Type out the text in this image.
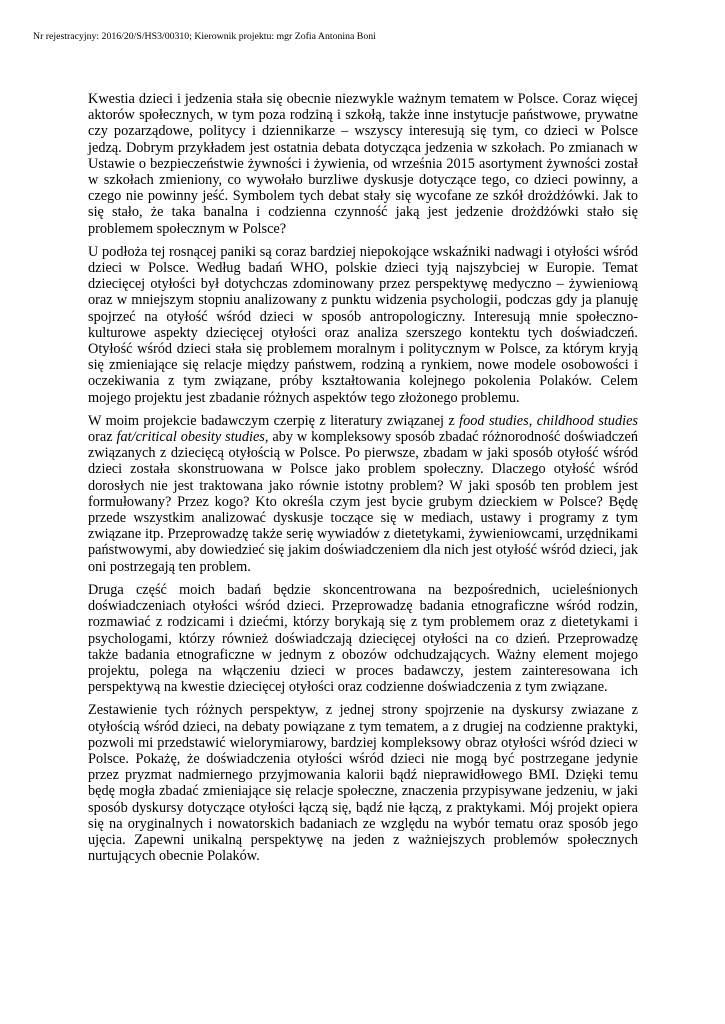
Nr rejestracyjny: 2016/20/S/HS3/00310; Kierownik projektu: mgr Zofia Antonina Boni

Kwestia dzieci i jedzenia stała się obecnie niezwykle ważnym tematem w Polsce. Coraz więcej aktorów społecznych, w tym poza rodziną i szkołą, także inne instytucje państwowe, prywatne czy pozarządowe, politycy i dziennikarze – wszyscy interesują się tym, co dzieci w Polsce jedzą. Dobrym przykładem jest ostatnia debata dotycząca jedzenia w szkołach. Po zmianach w Ustawie o bezpieczeństwie żywności i żywienia, od września 2015 asortyment żywności został w szkołach zmieniony, co wywołało burzliwe dyskusje dotyczące tego, co dzieci powinny, a czego nie powinny jeść. Symbolem tych debat stały się wycofane ze szkół drożdżówki. Jak to się stało, że taka banalna i codzienna czynność jaką jest jedzenie drożdżówki stało się problemem społecznym w Polsce?

U podłoża tej rosnącej paniki są coraz bardziej niepokojące wskaźniki nadwagi i otyłości wśród dzieci w Polsce. Według badań WHO, polskie dzieci tyją najszybciej w Europie. Temat dziecięcej otyłości był dotychczas zdominowany przez perspektywę medyczno – żywieniową oraz w mniejszym stopniu analizowany z punktu widzenia psychologii, podczas gdy ja planuję spojrzeć na otyłość wśród dzieci w sposób antropologiczny. Interesują mnie społeczno-kulturowe aspekty dziecięcej otyłości oraz analiza szerszego kontektu tych doświadczeń. Otyłość wśród dzieci stała się problemem moralnym i politycznym w Polsce, za którym kryją się zmieniające się relacje między państwem, rodziną a rynkiem, nowe modele osobowości i oczekiwania z tym związane, próby kształtowania kolejnego pokolenia Polaków. Celem mojego projektu jest zbadanie różnych aspektów tego złożonego problemu.

W moim projekcie badawczym czerpię z literatury związanej z food studies, childhood studies oraz fat/critical obesity studies, aby w kompleksowy sposób zbadać różnorodność doświadczeń związanych z dziecięcą otyłością w Polsce. Po pierwsze, zbadam w jaki sposób otyłość wśród dzieci została skonstruowana w Polsce jako problem społeczny. Dlaczego otyłość wśród dorosłych nie jest traktowana jako równie istotny problem? W jaki sposób ten problem jest formułowany? Przez kogo? Kto określa czym jest bycie grubym dzieckiem w Polsce? Będę przede wszystkim analizować dyskusje toczące się w mediach, ustawy i programy z tym związane itp. Przeprowadzę także serię wywiadów z dietetykami, żywieniowcami, urzędnikami państwowymi, aby dowiedzieć się jakim doświadczeniem dla nich jest otyłość wśród dzieci, jak oni postrzegają ten problem.

Druga część moich badań będzie skoncentrowana na bezpośrednich, ucieleśnionych doświadczeniach otyłości wśród dzieci. Przeprowadzę badania etnograficzne wśród rodzin, rozmawiać z rodzicami i dziećmi, którzy borykają się z tym problemem oraz z dietetykami i psychologami, którzy również doświadczają dziecięcej otyłości na co dzień. Przeprowadzę także badania etnograficzne w jednym z obozów odchudzających. Ważny element mojego projektu, polega na włączeniu dzieci w proces badawczy, jestem zainteresowana ich perspektywą na kwestie dziecięcej otyłości oraz codzienne doświadczenia z tym związane.

Zestawienie tych różnych perspektyw, z jednej strony spojrzenie na dyskursy zwiazane z otyłością wśród dzieci, na debaty powiązane z tym tematem, a z drugiej na codzienne praktyki, pozwoli mi przedstawić wielorymiarowy, bardziej kompleksowy obraz otyłości wśród dzieci w Polsce. Pokażę, że doświadczenia otyłości wśród dzieci nie mogą być postrzegane jedynie przez pryzmat nadmiernego przyjmowania kalorii bądź nieprawidłowego BMI. Dzięki temu będę mogła zbadać zmieniające się relacje społeczne, znaczenia przypisywane jedzeniu, w jaki sposób dyskursy dotyczące otyłości łączą się, bądź nie łączą, z praktykami. Mój projekt opiera się na oryginalnych i nowatorskich badaniach ze względu na wybór tematu oraz sposób jego ujęcia. Zapewni unikalną perspektywę na jeden z ważniejszych problemów społecznych nurtujących obecnie Polaków.
